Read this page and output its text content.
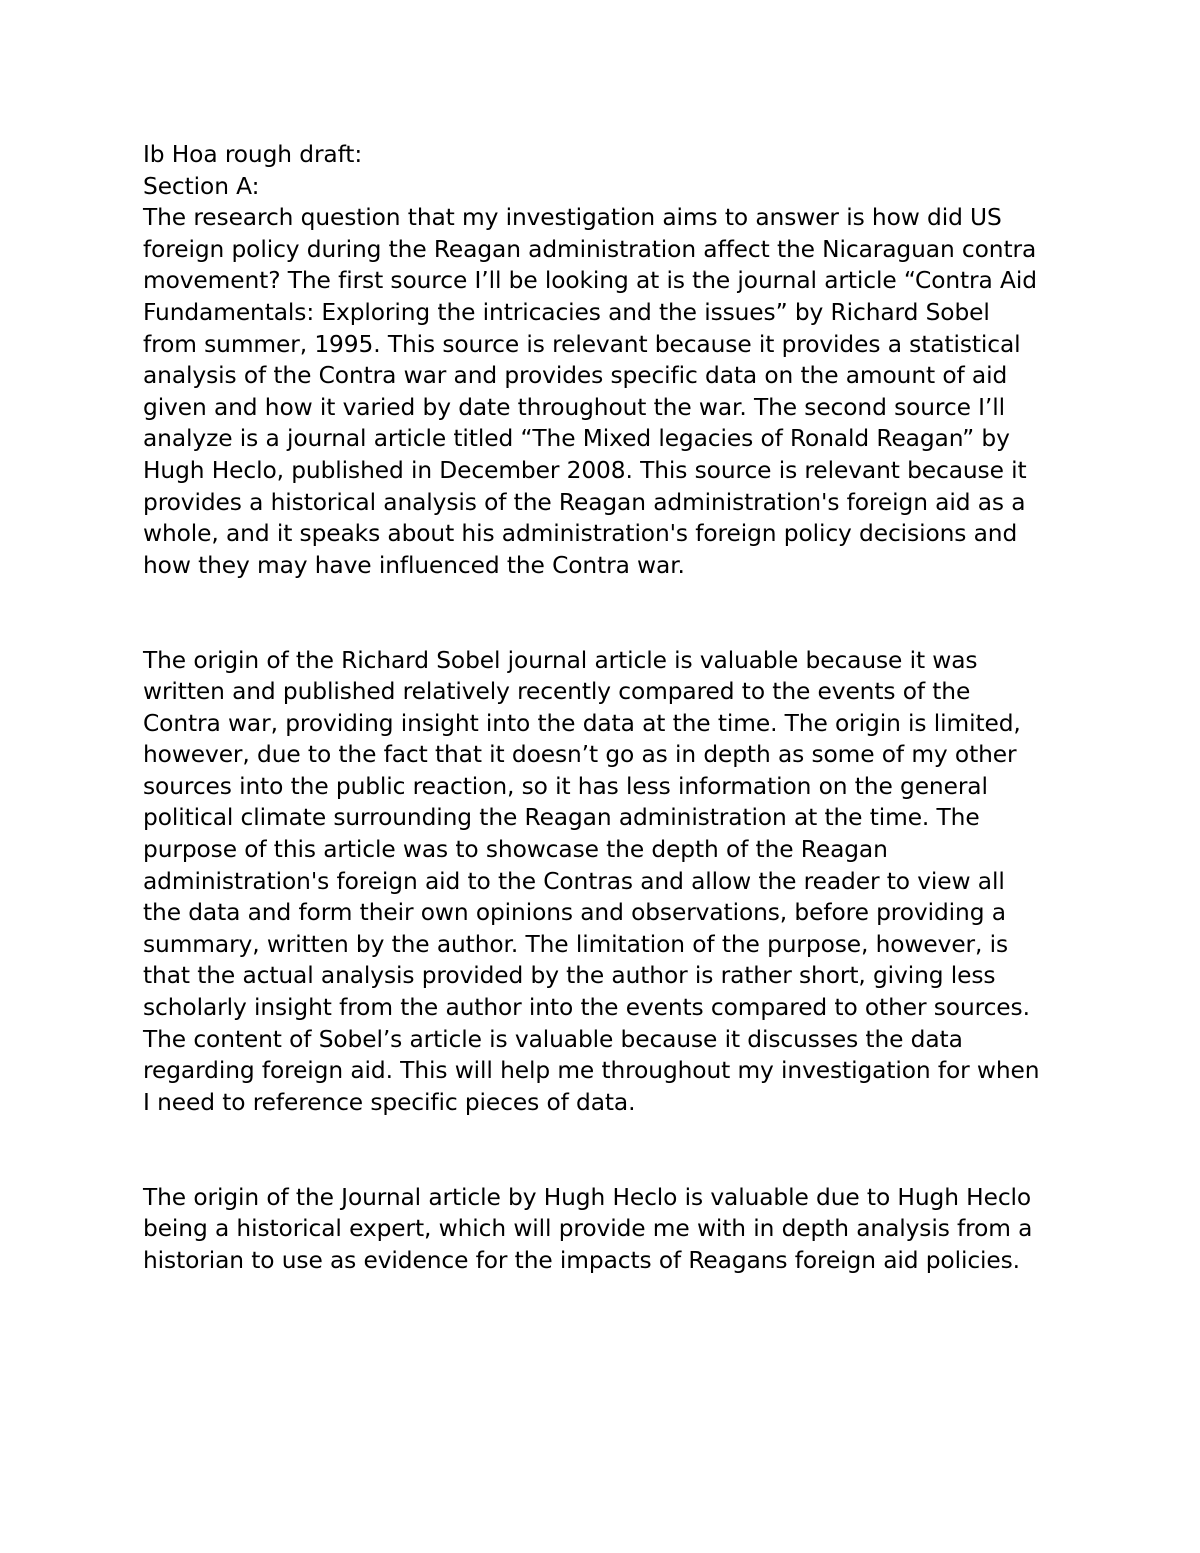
Ib Hoa rough draft:

Section A:

The research question that my investigation aims to answer is how did US
foreign policy during the Reagan administration affect the Nicaraguan contra
movement? The first source I’ll be looking at is the journal article “Contra Aid
Fundamentals: Exploring the intricacies and the issues” by Richard Sobel
from summer, 1995. This source is relevant because it provides a statistical
analysis of the Contra war and provides specific data on the amount of aid
given and how it varied by date throughout the war. The second source I’ll
analyze is a journal article titled “The Mixed legacies of Ronald Reagan” by
Hugh Heclo, published in December 2008. This source is relevant because it
provides a historical analysis of the Reagan administration's foreign aid as a
whole, and it speaks about his administration's foreign policy decisions and
how they may have influenced the Contra war.
The origin of the Richard Sobel journal article is valuable because it was
written and published relatively recently compared to the events of the
Contra war, providing insight into the data at the time. The origin is limited,
however, due to the fact that it doesn’t go as in depth as some of my other
sources into the public reaction, so it has less information on the general
political climate surrounding the Reagan administration at the time. The
purpose of this article was to showcase the depth of the Reagan
administration's foreign aid to the Contras and allow the reader to view all
the data and form their own opinions and observations, before providing a
summary, written by the author. The limitation of the purpose, however, is
that the actual analysis provided by the author is rather short, giving less
scholarly insight from the author into the events compared to other sources.
The content of Sobel’s article is valuable because it discusses the data
regarding foreign aid. This will help me throughout my investigation for when
I need to reference specific pieces of data.
The origin of the Journal article by Hugh Heclo is valuable due to Hugh Heclo
being a historical expert, which will provide me with in depth analysis from a
historian to use as evidence for the impacts of Reagans foreign aid policies.
